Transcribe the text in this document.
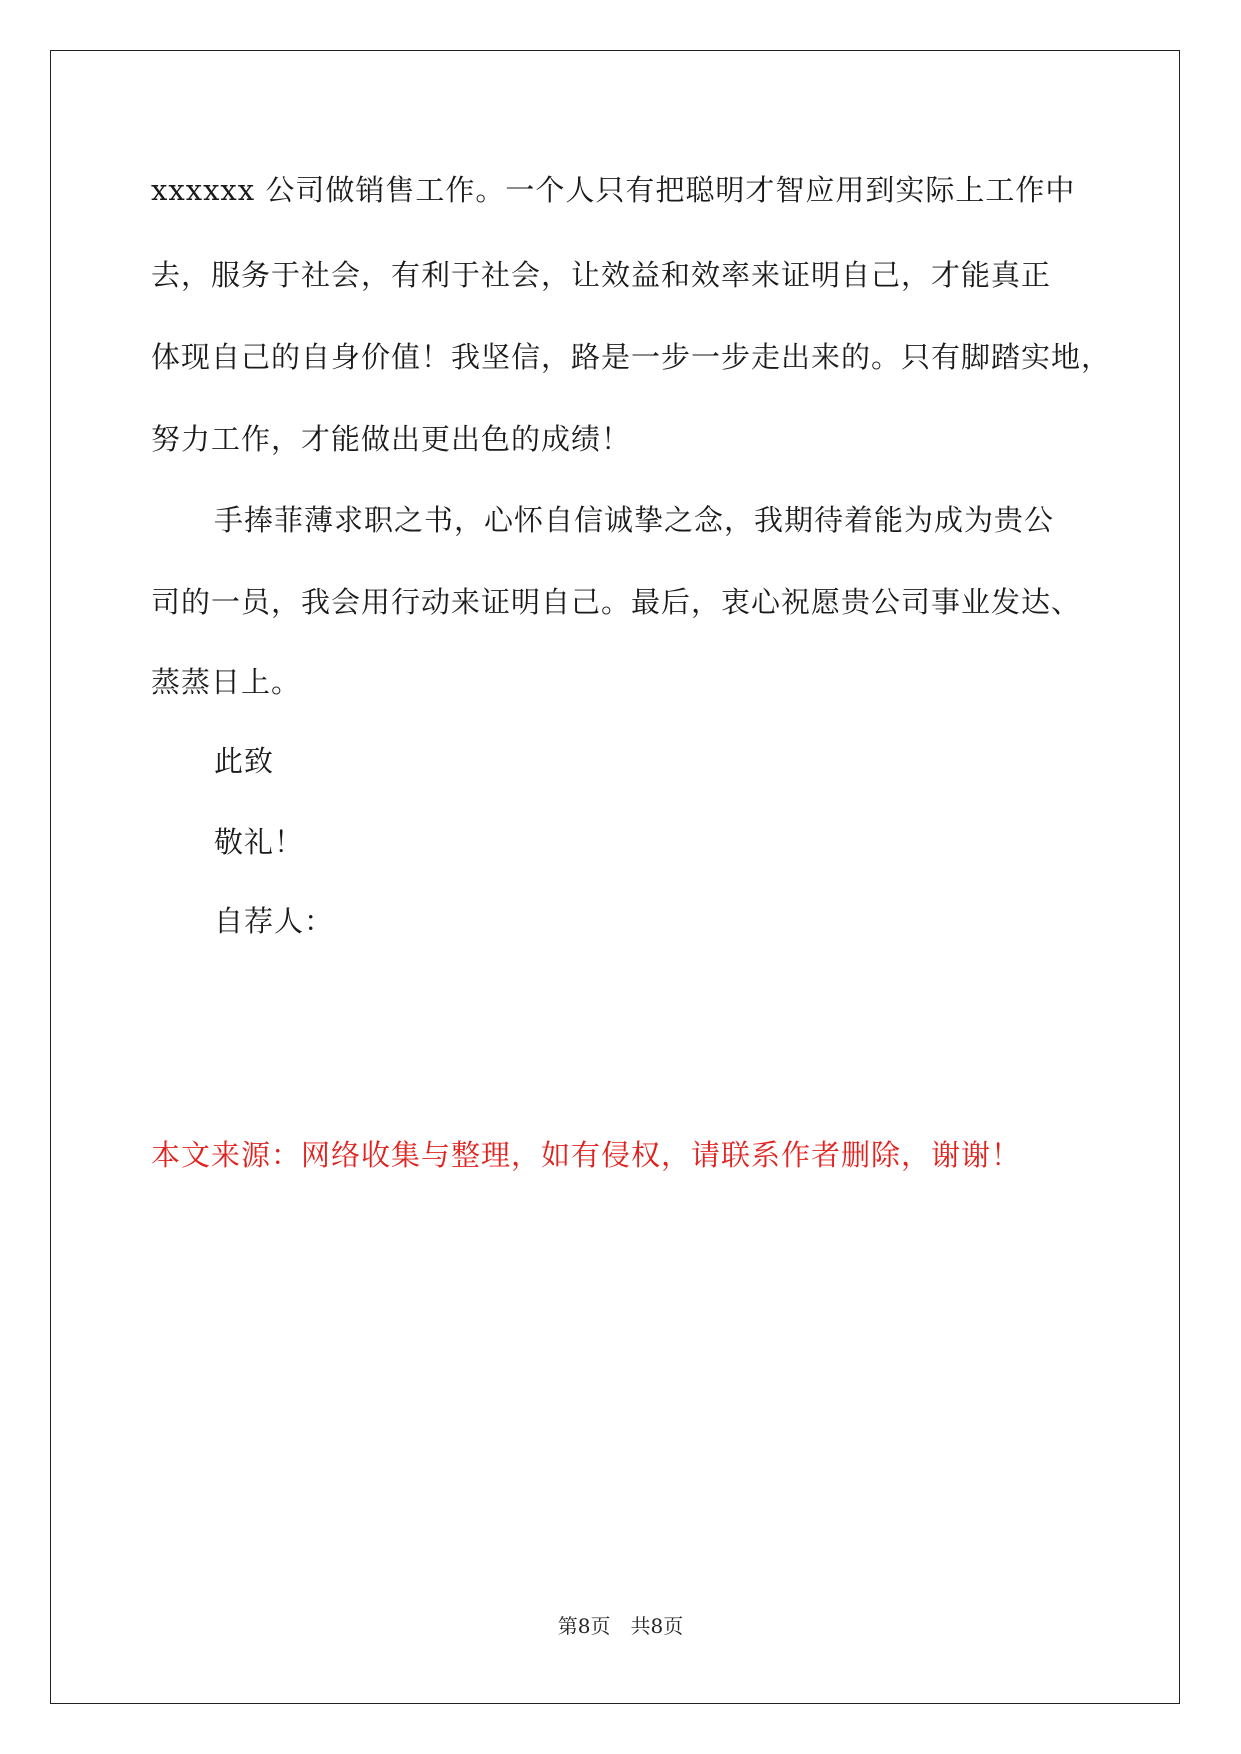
xxxxxx 公司做销售工作。一个人只有把聪明才智应用到实际上工作中
去，服务于社会，有利于社会，让效益和效率来证明自己，才能真正
体现自己的自身价值！我坚信，路是一步一步走出来的。只有脚踏实地，
努力工作，才能做出更出色的成绩！
手捧菲薄求职之书，心怀自信诚挚之念，我期待着能为成为贵公
司的一员，我会用行动来证明自己。最后，衷心祝愿贵公司事业发达、
蒸蒸日上。
此致
敬礼！
自荐人：
本文来源：网络收集与整理，如有侵权，请联系作者删除，谢谢！
第8页 共8页
